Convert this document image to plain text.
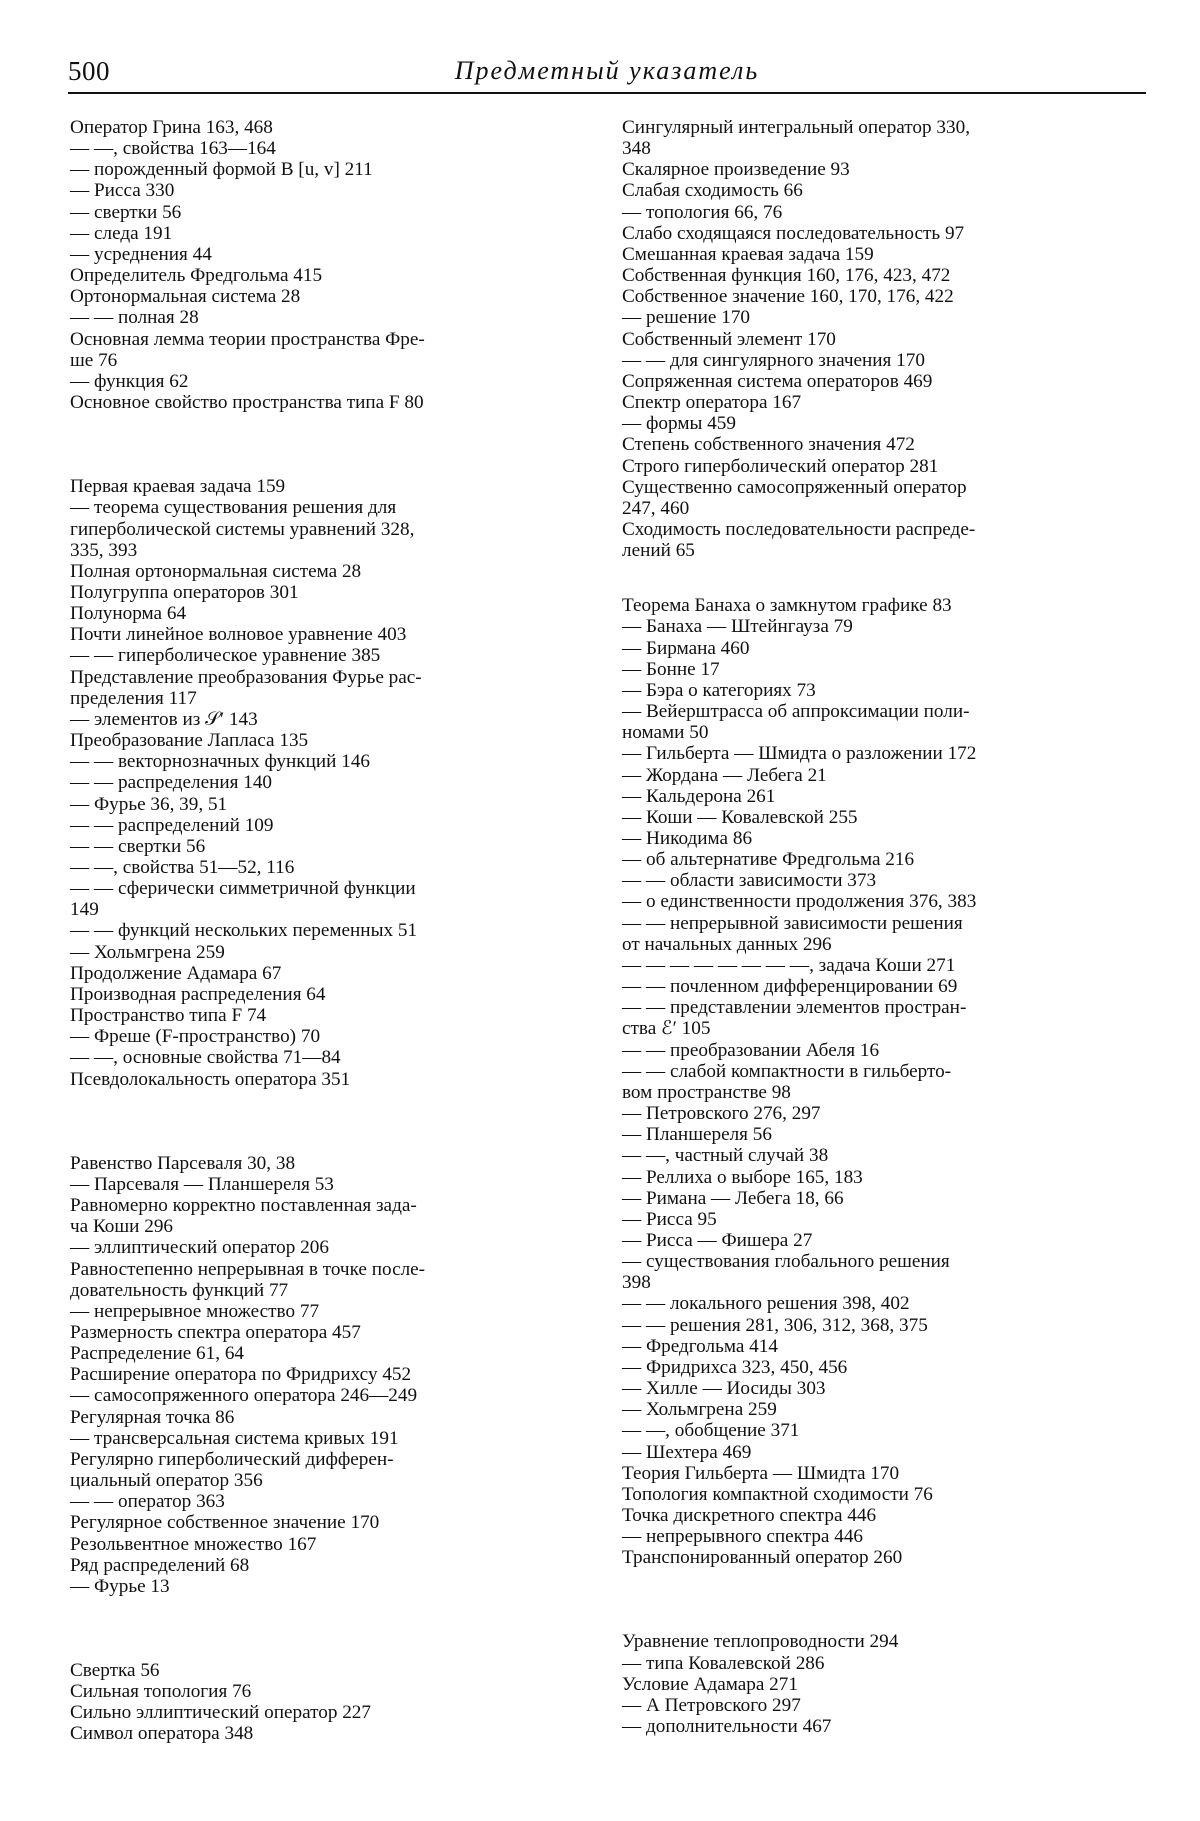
500	Предметный указатель
Оператор Грина 163, 468
— —, свойства 163—164
— порожденный формой B [u, v] 211
— Рисса 330
— свертки 56
— следа 191
— усреднения 44
Определитель Фредгольма 415
Ортонормальная система 28
— — полная 28
Основная лемма теории пространства Фре-
ше 76
— функция 62
Основное свойство пространства типа F 80
Первая краевая задача 159
— теорема существования решения для
гиперболической системы уравнений 328,
335, 393
Полная ортонормальная система 28
Полугруппа операторов 301
Полунорма 64
Почти линейное волновое уравнение 403
— — гиперболическое уравнение 385
Представление преобразования Фурье рас-
пределения 117
— элементов из 𝒮′ 143
Преобразование Лапласа 135
— — векторнозначных функций 146
— — распределения 140
— Фурье 36, 39, 51
— — распределений 109
— — свертки 56
— —, свойства 51—52, 116
— — сферически симметричной функции
149
— — функций нескольких переменных 51
— Хольмгрена 259
Продолжение Адамара 67
Производная распределения 64
Пространство типа F 74
— Фреше (F-пространство) 70
— —, основные свойства 71—84
Псевдолокальность оператора 351
Равенство Парсеваля 30, 38
— Парсеваля — Планшереля 53
Равномерно корректно поставленная зада-
ча Коши 296
— эллиптический оператор 206
Равностепенно непрерывная в точке после-
довательность функций 77
— непрерывное множество 77
Размерность спектра оператора 457
Распределение 61, 64
Расширение оператора по Фридрихсу 452
— самосопряженного оператора 246—249
Регулярная точка 86
— трансверсальная система кривых 191
Регулярно гиперболический дифферен-
циальный оператор 356
— — оператор 363
Регулярное собственное значение 170
Резольвентное множество 167
Ряд распределений 68
— Фурье 13
Свертка 56
Сильная топология 76
Сильно эллиптический оператор 227
Символ оператора 348
Сингулярный интегральный оператор 330,
348
Скалярное произведение 93
Слабая сходимость 66
— топология 66, 76
Слабо сходящаяся последовательность 97
Смешанная краевая задача 159
Собственная функция 160, 176, 423, 472
Собственное значение 160, 170, 176, 422
— решение 170
Собственный элемент 170
— — для сингулярного значения 170
Сопряженная система операторов 469
Спектр оператора 167
— формы 459
Степень собственного значения 472
Строго гиперболический оператор 281
Существенно самосопряженный оператор
247, 460
Сходимость последовательности распреде-
лений 65
Теорема Банаха о замкнутом графике 83
— Банаха — Штейнгауза 79
— Бирмана 460
— Бонне 17
— Бэра о категориях 73
— Вейерштрасса об аппроксимации поли-
номами 50
— Гильберта — Шмидта о разложении 172
— Жордана — Лебега 21
— Кальдерона 261
— Коши — Ковалевской 255
— Никодима 86
— об альтернативе Фредгольма 216
— — области зависимости 373
— о единственности продолжения 376, 383
— — непрерывной зависимости решения
от начальных данных 296
— — — — — — — —, задача Коши 271
— — почленном дифференцировании 69
— — представлении элементов простран-
ства ℰ′ 105
— — преобразовании Абеля 16
— — слабой компактности в гильберто-
вом пространстве 98
— Петровского 276, 297
— Планшереля 56
— —, частный случай 38
— Реллиха о выборе 165, 183
— Римана — Лебега 18, 66
— Рисса 95
— Рисса — Фишера 27
— существования глобального решения
398
— — локального решения 398, 402
— — решения 281, 306, 312, 368, 375
— Фредгольма 414
— Фридрихса 323, 450, 456
— Хилле — Иосиды 303
— Хольмгрена 259
— —, обобщение 371
— Шехтера 469
Теория Гильберта — Шмидта 170
Топология компактной сходимости 76
Точка дискретного спектра 446
— непрерывного спектра 446
Транспонированный оператор 260
Уравнение теплопроводности 294
— типа Ковалевской 286
Условие Адамара 271
— А Петровского 297
— дополнительности 467
